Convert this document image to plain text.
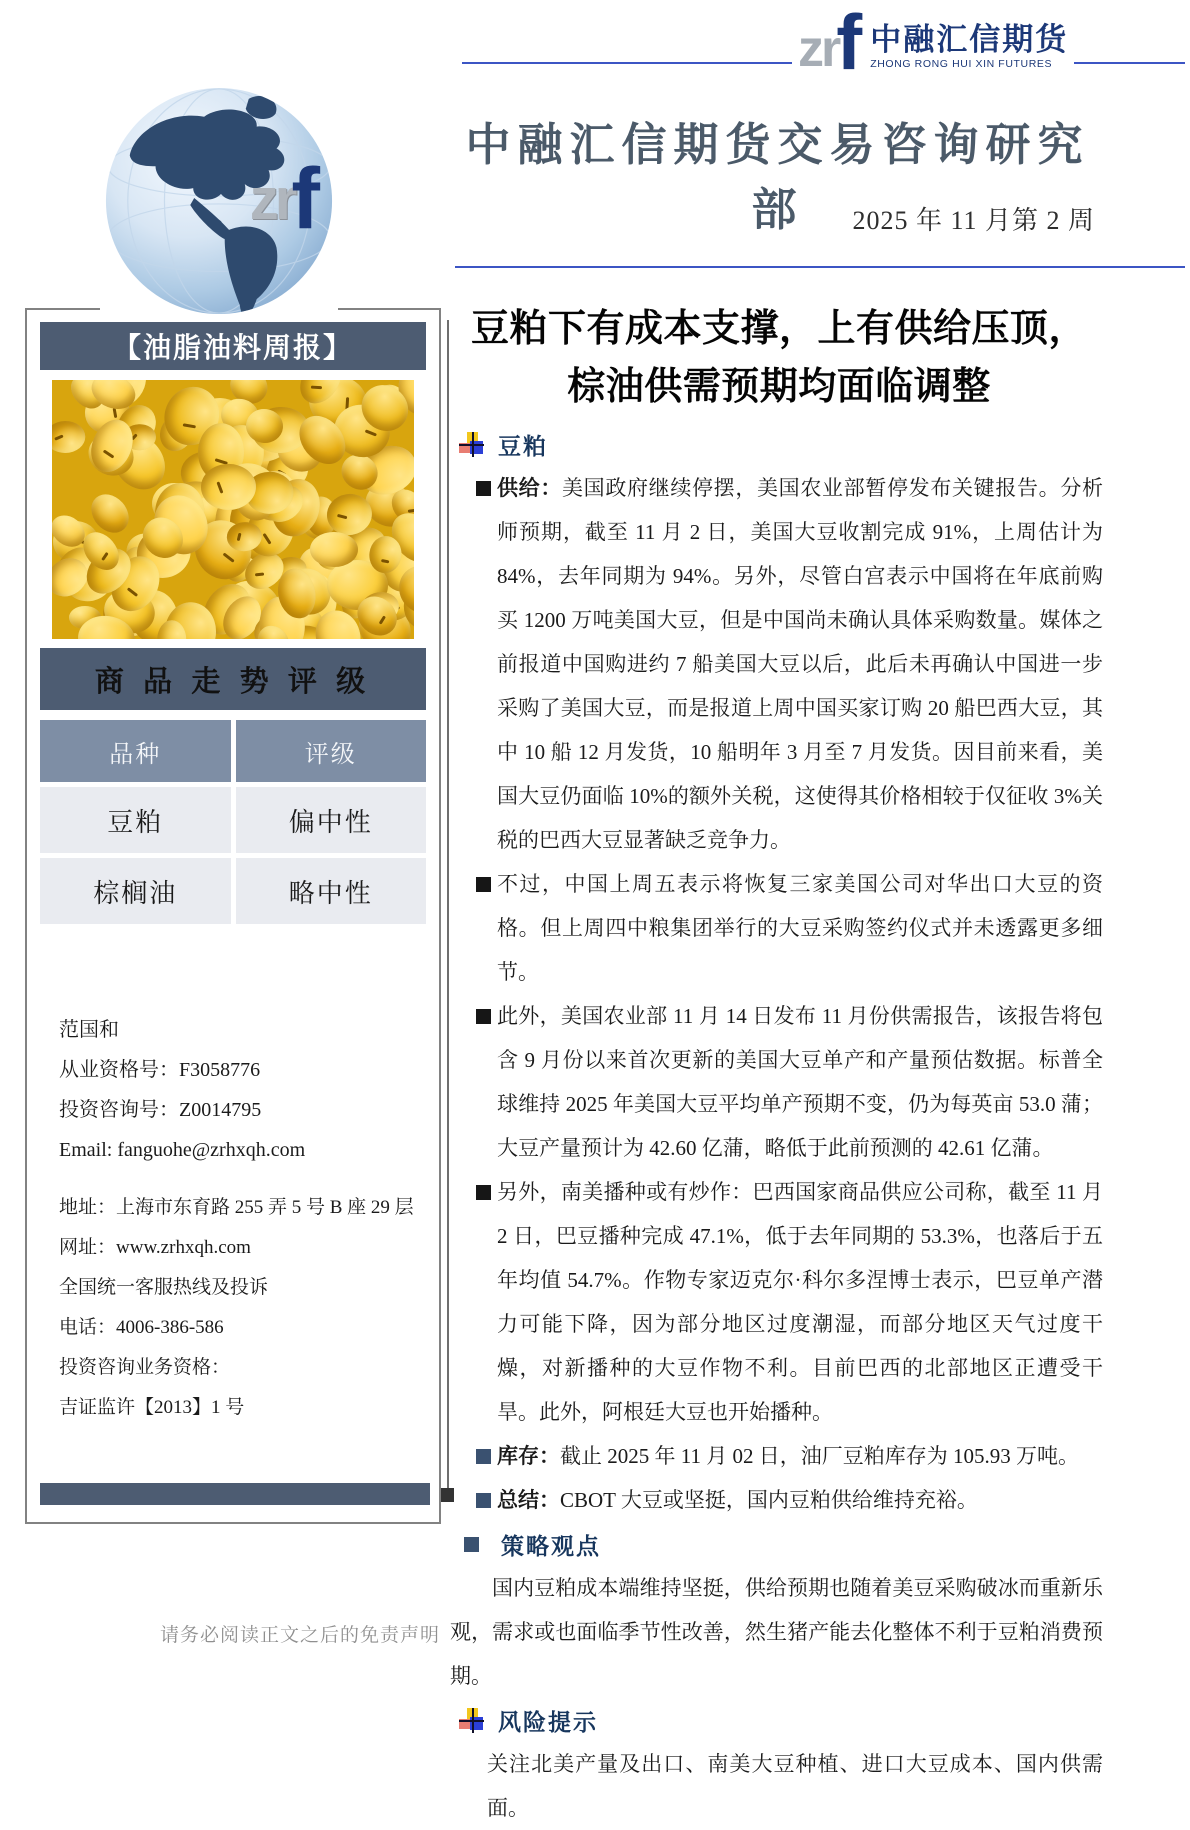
zr
f 中融汇信期货
ZHONG RONG HUI XIN FUTURES
中融汇信期货交易咨询研究部	2025 年 11 月第 2 周
zr
f
【油脂油料周报】
商 品 走 势 评 级
品种	评级
豆粕	偏中性
棕榈油	略中性
范国和
从业资格号：F3058776
投资咨询号：Z0014795
Email: fanguohe@zrhxqh.com
地址：上海市东育路 255 弄 5 号 B 座 29 层
网址：www.zrhxqh.com
全国统一客服热线及投诉
电话：4006-386-586
投资咨询业务资格：
吉证监许【2013】1 号
请务必阅读正文之后的免责声明
豆粕下有成本支撑，上有供给压顶，棕油供需预期均面临调整
豆粕
供给：美国政府继续停摆，美国农业部暂停发布关键报告。分析师预期，截至 11 月 2 日，美国大豆收割完成 91%，上周估计为 84%，去年同期为 94%。另外，尽管白宫表示中国将在年底前购买 1200 万吨美国大豆，但是中国尚未确认具体采购数量。媒体之前报道中国购进约 7 船美国大豆以后，此后未再确认中国进一步采购了美国大豆，而是报道上周中国买家订购 20 船巴西大豆，其中 10 船 12 月发货，10 船明年 3 月至 7 月发货。因目前来看，美国大豆仍面临 10%的额外关税，这使得其价格相较于仅征收 3%关税的巴西大豆显著缺乏竞争力。
不过，中国上周五表示将恢复三家美国公司对华出口大豆的资格。但上周四中粮集团举行的大豆采购签约仪式并未透露更多细节。
此外，美国农业部 11 月 14 日发布 11 月份供需报告，该报告将包含 9 月份以来首次更新的美国大豆单产和产量预估数据。标普全球维持 2025 年美国大豆平均单产预期不变，仍为每英亩 53.0 蒲；大豆产量预计为 42.60 亿蒲，略低于此前预测的 42.61 亿蒲。
另外，南美播种或有炒作：巴西国家商品供应公司称，截至 11 月 2 日，巴豆播种完成 47.1%，低于去年同期的 53.3%，也落后于五年均值 54.7%。作物专家迈克尔·科尔多涅博士表示，巴豆单产潜力可能下降，因为部分地区过度潮湿，而部分地区天气过度干燥，对新播种的大豆作物不利。目前巴西的北部地区正遭受干旱。此外，阿根廷大豆也开始播种。
库存：截止 2025 年 11 月 02 日，油厂豆粕库存为 105.93 万吨。
总结：CBOT 大豆或坚挺，国内豆粕供给维持充裕。
策略观点

国内豆粕成本端维持坚挺，供给预期也随着美豆采购破冰而重新乐观，需求或也面临季节性改善，然生猪产能去化整体不利于豆粕消费预期。

风险提示

关注北美产量及出口、南美大豆种植、进口大豆成本、国内供需面。
